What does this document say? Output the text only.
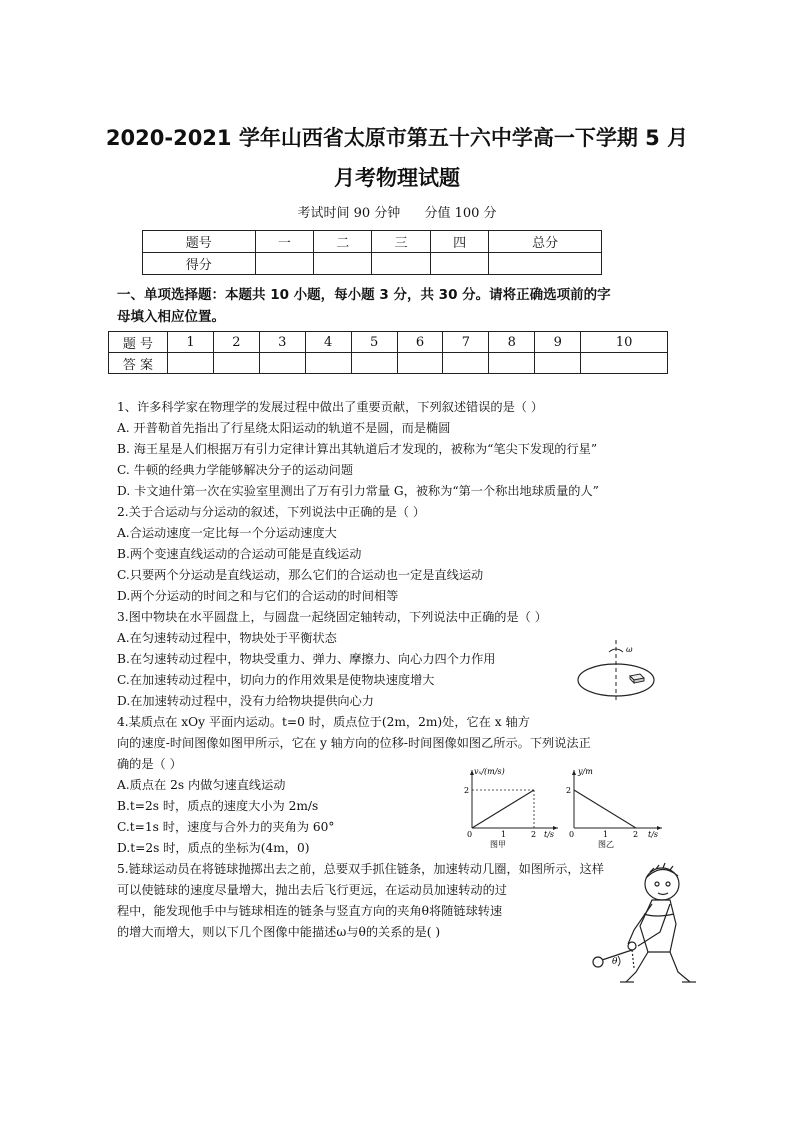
2020-2021 学年山西省太原市第五十六中学高一下学期 5 月
月考物理试题
考试时间 90 分钟 分值 100 分
题号	一	二	三	四	总分
得分					
一、单项选择题：本题共 10 小题，每小题 3 分，共 30 分。请将正确选项前的字
母填入相应位置。
题 号	1	2	3	4	5	6	7	8	9	10
答 案										
1、许多科学家在物理学的发展过程中做出了重要贡献，下列叙述错误的是（ ）
A. 开普勒首先指出了行星绕太阳运动的轨道不是圆，而是椭圆
B. 海王星是人们根据万有引力定律计算出其轨道后才发现的，被称为“笔尖下发现的行星”
C. 牛顿的经典力学能够解决分子的运动问题
D. 卡文迪什第一次在实验室里测出了万有引力常量 G，被称为“第一个称出地球质量的人”
2.关于合运动与分运动的叙述，下列说法中正确的是（ ）
A.合运动速度一定比每一个分运动速度大
B.两个变速直线运动的合运动可能是直线运动
C.只要两个分运动是直线运动，那么它们的合运动也一定是直线运动
D.两个分运动的时间之和与它们的合运动的时间相等
3.图中物块在水平圆盘上，与圆盘一起绕固定轴转动，下列说法中正确的是（ ）
A.在匀速转动过程中，物块处于平衡状态
B.在匀速转动过程中，物块受重力、弹力、摩擦力、向心力四个力作用
C.在加速转动过程中，切向力的作用效果是使物块速度增大
D.在加速转动过程中，没有力给物块提供向心力
4.某质点在 xOy 平面内运动。t=0 时，质点位于(2m，2m)处，它在 x 轴方
向的速度-时间图像如图甲所示，它在 y 轴方向的位移-时间图像如图乙所示。下列说法正
确的是（ ）
A.质点在 2s 内做匀速直线运动
B.t=2s 时，质点的速度大小为 2m/s
C.t=1s 时，速度与合外力的夹角为 60°
D.t=2s 时，质点的坐标为(4m，0)
5.链球运动员在将链球抛掷出去之前，总要双手抓住链条，加速转动几圈，如图所示，这样
可以使链球的速度尽量增大，抛出去后飞行更远，在运动员加速转动的过
程中，能发现他手中与链球相连的链条与竖直方向的夹角θ将随链球转速
的增大而增大，则以下几个图像中能描述ω与θ的关系的是( )
ω
vₓ/(m/s)
2
0	1	2 t/s
图甲
y/m
2
0	1	2 t/s
图乙
θ
